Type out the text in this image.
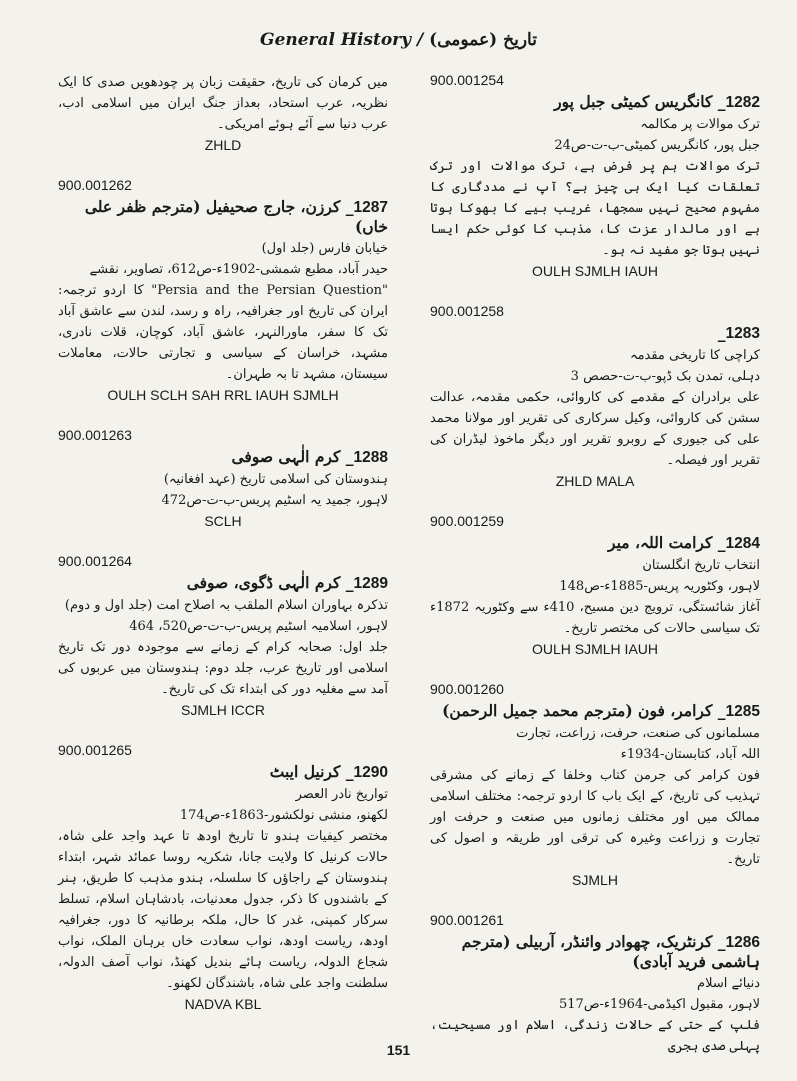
General History / تاریخ (عمومی)
میں کرمان کی تاریخ، حقیقت زبان پر چودھویں صدی کا ایک نظریہ، عرب استحاد، بعداز جنگ ایران میں اسلامی ادب، عرب دنیا سے آئے ہوئے امریکی۔
ZHLD
900.001262
1287_ کرزن، جارج صحیفیل (مترجم ظفر علی خاں)
خیابان فارس (جلد اول)
حیدر آباد، مطبع شمشی-1902ء-ص612، تصاویر، نقشے
"Persia and the Persian Question" کا اردو ترجمہ: ایران کی تاریخ اور جغرافیہ، راہ و رسد، لندن سے عاشق آباد تک کا سفر، ماورالنہر، عاشق آباد، کوچان، قلات نادری، مشہد، خراسان کے سیاسی و تجارتی حالات، معاملات سیستان، مشہد تا بہ طہران۔
OULH SCLH SAH RRL IAUH SJMLH
900.001263
1288_ کرم الٰہی صوفی
ہندوستان کی اسلامی تاریخ (عہد افغانیہ)
لاہور، جمید یہ اسٹیم پریس-ب-ت-ص472
SCLH
900.001264
1289_ کرم الٰہی ڈگوی، صوفی
تذکرہ بہاوران اسلام الملقب بہ اصلاح امت (جلد اول و دوم)
لاہور، اسلامیہ اسٹیم پریس-ب-ت-ص520، 464
جلد اول: صحابہ کرام کے زمانے سے موجودہ دور تک تاریخ اسلامی اور تاریخ عرب، جلد دوم: ہندوستان میں عربوں کی آمد سے مغلیہ دور کی ابتداء تک کی تاریخ۔
SJMLH ICCR
900.001265
1290_ کرنیل ایبٹ
تواریخ نادر العصر
لکھنو، منشی نولکشور-1863ء-ص174
مختصر کیفیات ہندو تا تاریخ اودھ تا عہد واجد علی شاہ، حالات کرنیل کا ولایت جانا، شکریہ روسا عمائد شہر، ابتداء ہندوستان کے راجاؤں کا سلسلہ، ہندو مذہب کا طریق، ہنر کے باشندوں کا ذکر، جدول معدنیات، بادشاہان اسلام، تسلط سرکار کمپنی، غدر کا حال، ملکہ برطانیہ کا دور، جغرافیہ اودھ، ریاست اودھ، نواب سعادت خاں برہان الملک، نواب شجاع الدولہ، ریاست ہائے بندیل کھنڈ، نواب آصف الدولہ، سلطنت واجد علی شاہ، باشندگان لکھنو۔
NADVA KBL
900.001254
1282_ کانگریس کمیٹی جبل پور
ترک موالات پر مکالمہ
جبل پور، کانگریس کمیٹی-ب-ت-ص24
ترک موالات ہم پر فرض ہے، ترک موالات اور ترک تعلقات کیا ایک ہی چیز ہے؟ آپ نے مددگاری کا مفہوم صحیح نہیں سمجھا، غریب بیے کا بھوکا ہوتا ہے اور مالدار عزت کا، مذہب کا کوئی حکم ایسا نہیں ہوتا جو مفید نہ ہو۔
OULH SJMLH IAUH
900.001258
1283_
کراچی کا تاریخی مقدمہ
دہلی، تمدن بک ڈپو-ب-ت-حصص 3
علی برادران کے مقدمے کی کاروائی، حکمی مقدمہ، عدالت سشن کی کاروائی، وکیل سرکاری کی تقریر اور مولانا محمد علی کی جیوری کے روبرو تقریر اور دیگر ماخوذ لیڈران کی تقریر اور فیصلہ۔
ZHLD MALA
900.001259
1284_ کرامت اللہ، میر
انتخاب تاریخ انگلستان
لاہور، وکٹوریہ پریس-1885ء-ص148
آغاز شائستگی، ترویج دین مسیح، 410ء سے وکٹوریہ 1872ء تک سیاسی حالات کی مختصر تاریخ۔
OULH SJMLH IAUH
900.001260
1285_ کرامر، فون (مترجم محمد جمیل الرحمن)
مسلمانوں کی صنعت، حرفت، زراعت، تجارت
اللہ آباد، کتابستان-1934ء
فون کرامر کی جرمن کتاب وخلفا کے زمانے کی مشرقی تہذیب کی تاریخ، کے ایک باب کا اردو ترجمہ: مختلف اسلامی ممالک میں اور مختلف زمانوں میں صنعت و حرفت اور تجارت و زراعت وغیرہ کی ترقی اور طریقہ و اصول کی تاریخ۔
SJMLH
900.001261
1286_ کرنٹریک، چھوادر وائنڈر، آربیلی (مترجم ہاشمی فرید آبادی)
دنیائے اسلام
لاہور، مقبول اکیڈمی-1964ء-ص517
فلپ کے حتی کے حالات زندگی، اسلام اور مسیحیت، پہلی صدی ہجری
151
